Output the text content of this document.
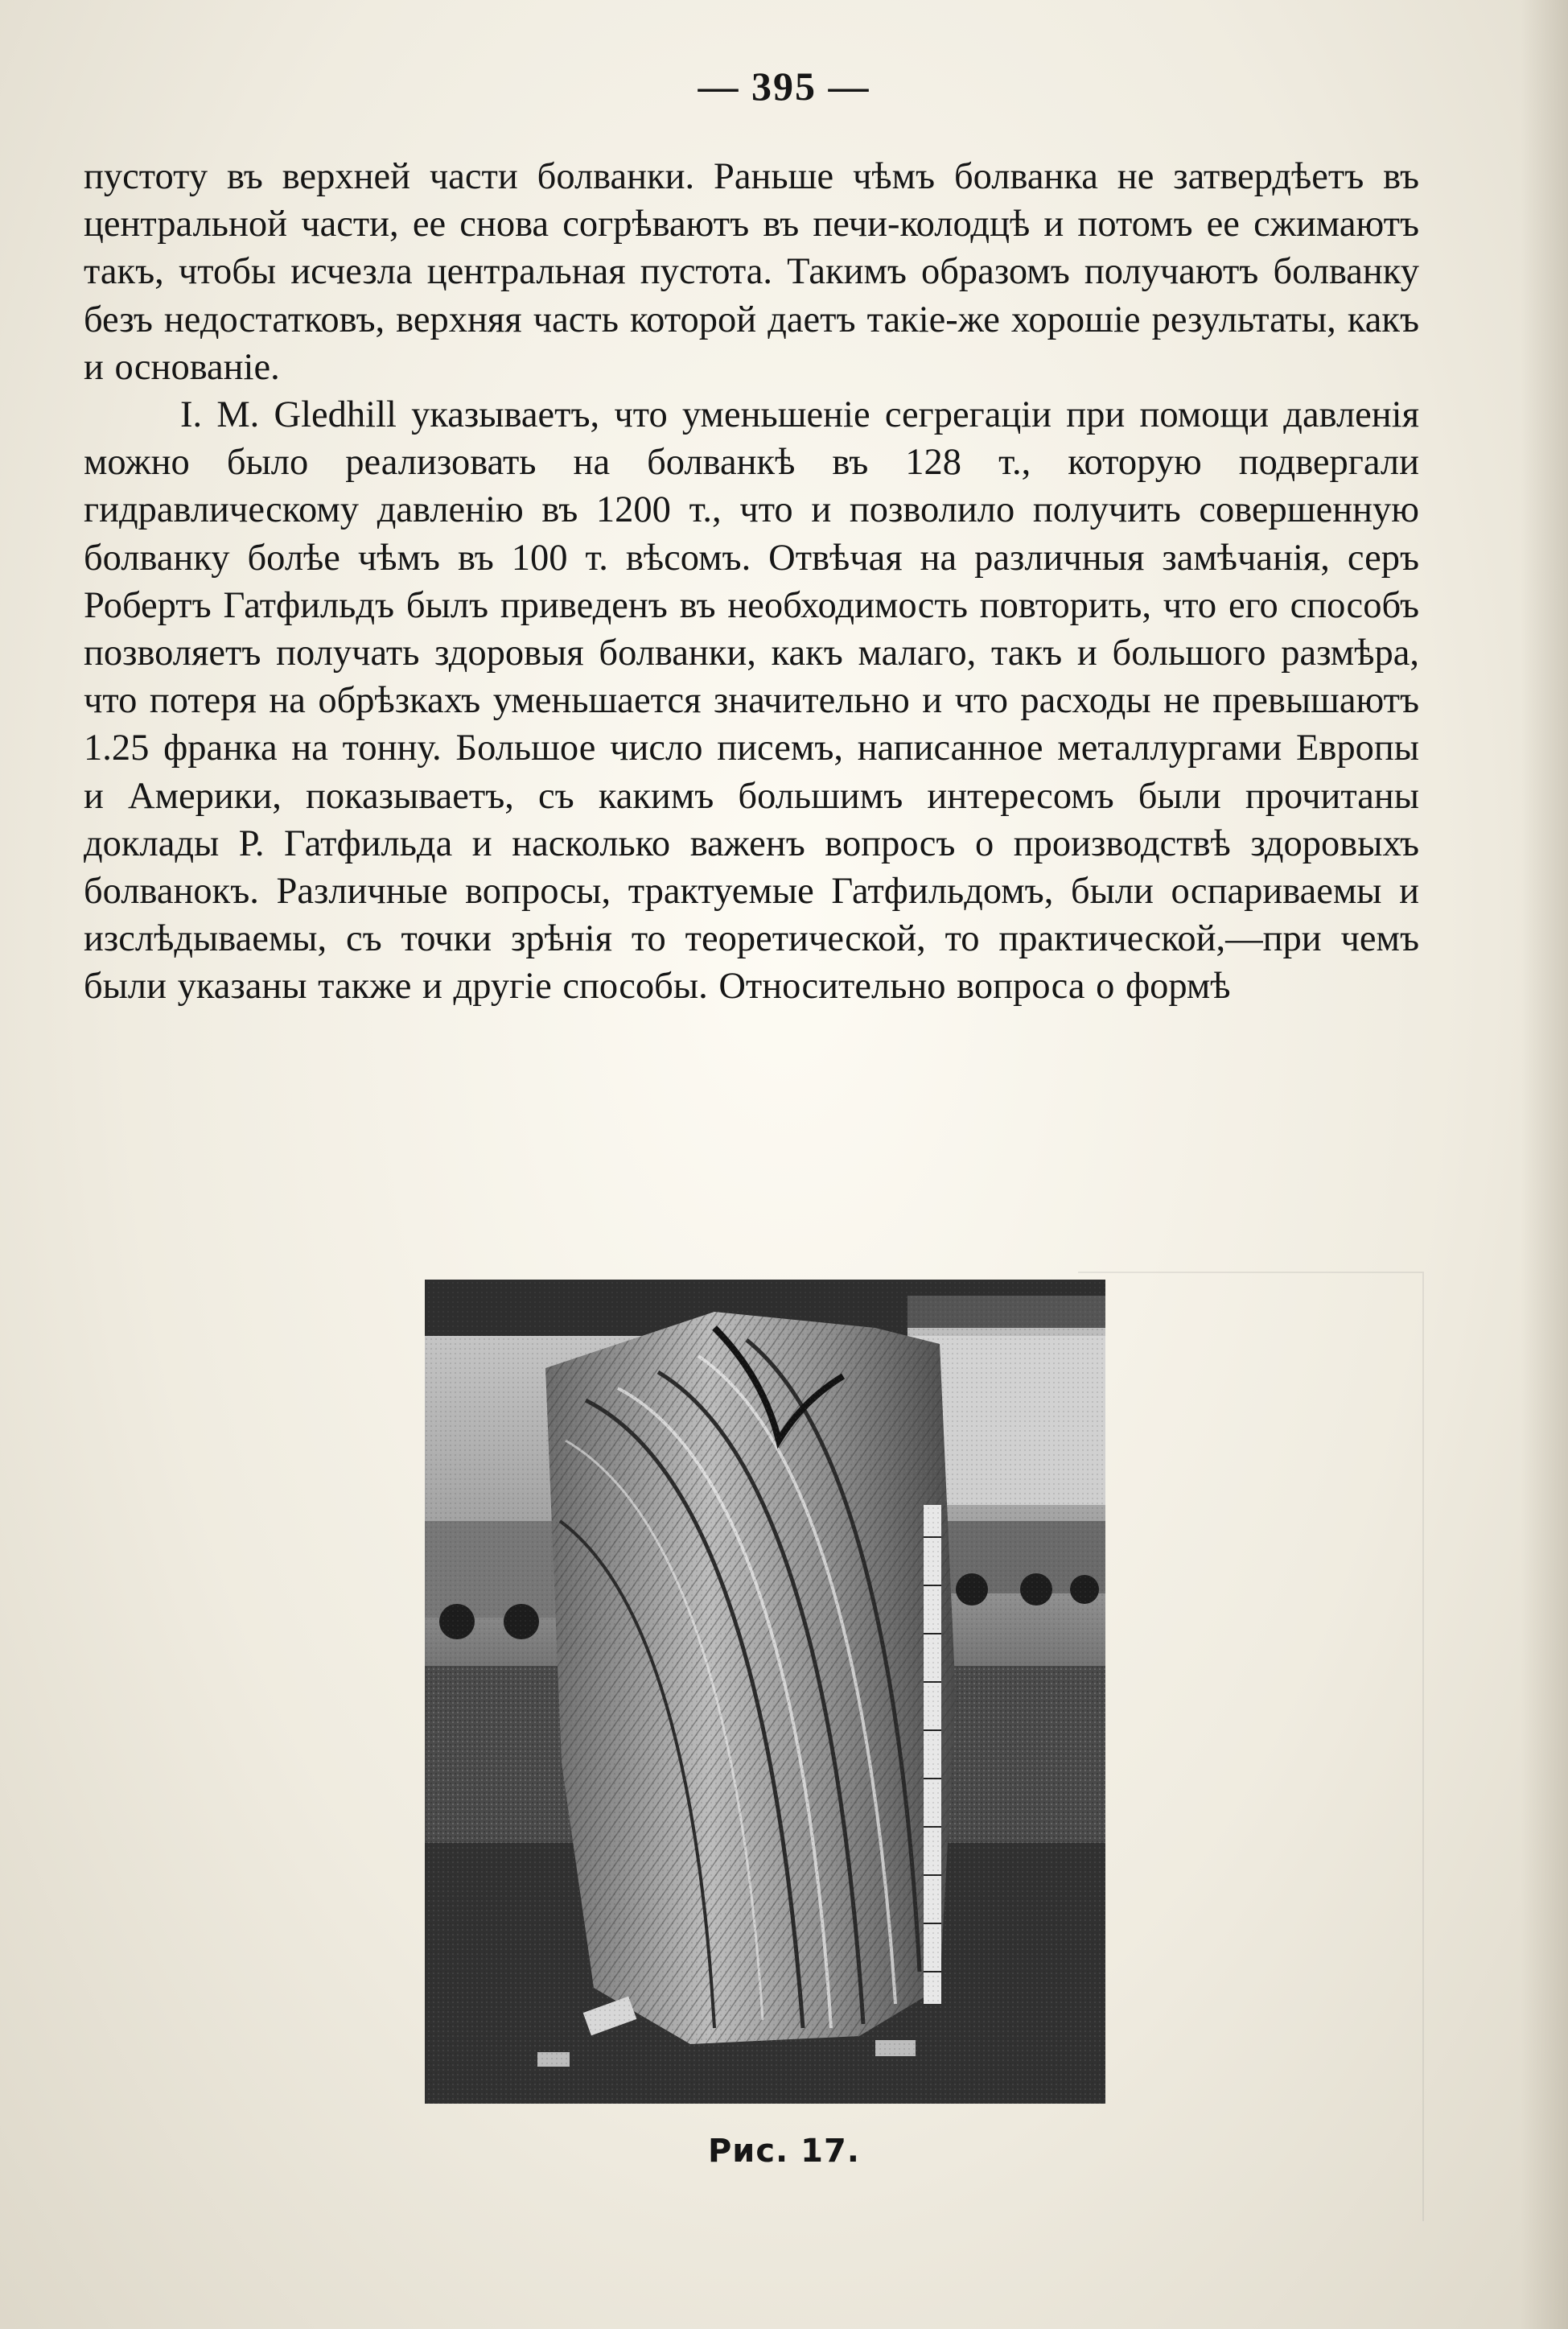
— 395 —

пустоту въ верхней части болванки. Раньше чѣмъ болванка не затвердѣетъ въ центральной части, ее снова согрѣваютъ въ печи-колодцѣ и потомъ ее сжимаютъ такъ, чтобы исчезла центральная пустота. Такимъ образомъ получаютъ болванку безъ недостатковъ, верхняя часть которой даетъ такіе-же хорошіе результаты, какъ и основаніе.

I. M. Gledhill указываетъ, что уменьшеніе сегрегаціи при помощи давленія можно было реализовать на болванкѣ въ 128 т., которую подвергали гидравлическому давленію въ 1200 т., что и позволило получить совершенную болванку болѣе чѣмъ въ 100 т. вѣсомъ. Отвѣчая на различныя замѣчанія, серъ Робертъ Гатфильдъ былъ приведенъ въ необходимость повторить, что его способъ позволяетъ получать здоровыя болванки, какъ малаго, такъ и большого размѣра, что потеря на обрѣзкахъ уменьшается значительно и что расходы не превышаютъ 1.25 франка на тонну. Большое число писемъ, написанное металлургами Европы и Америки, показываетъ, съ какимъ большимъ интересомъ были прочитаны доклады Р. Гатфильда и насколько важенъ вопросъ о производствѣ здоровыхъ болванокъ. Различные вопросы, трактуемые Гатфильдомъ, были оспариваемы и изслѣдываемы, съ точки зрѣнія то теоретической, то практической,—при чемъ были указаны также и другіе способы. Относительно вопроса о формѣ

Рис. 17.
